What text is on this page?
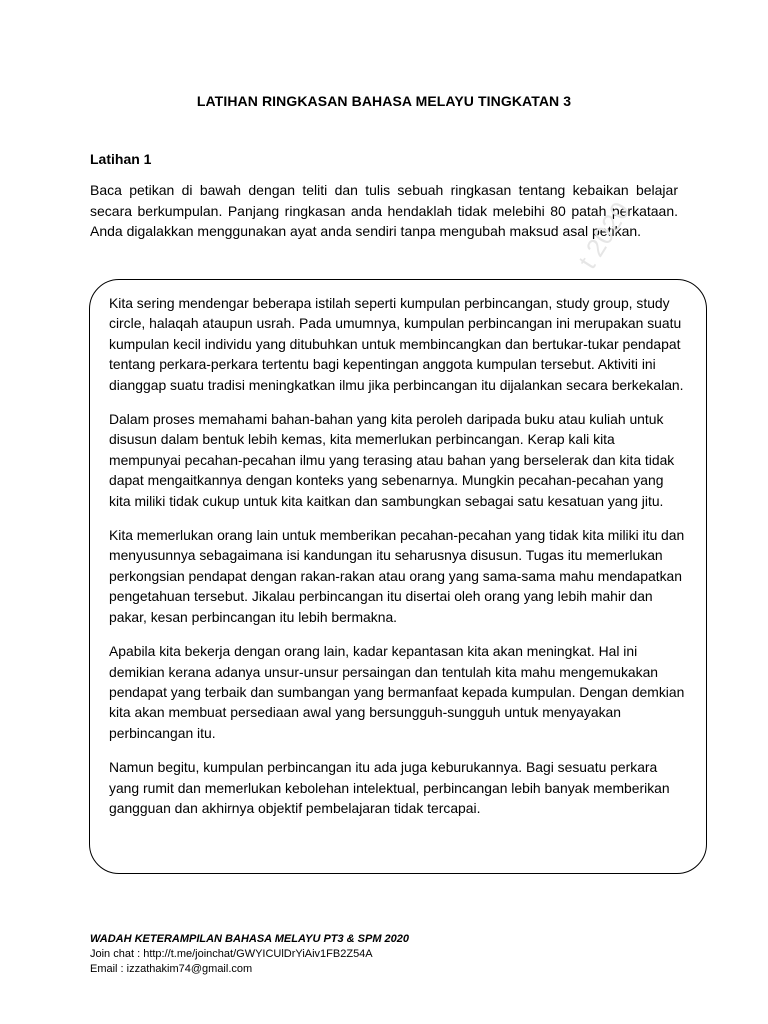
LATIHAN RINGKASAN BAHASA MELAYU TINGKATAN 3
Latihan 1
Baca petikan di bawah dengan teliti dan tulis sebuah ringkasan tentang kebaikan belajar secara berkumpulan. Panjang ringkasan anda hendaklah tidak melebihi 80 patah perkataan. Anda digalakkan menggunakan ayat anda sendiri tanpa mengubah maksud asal petikan.
t 2020

Kita sering mendengar beberapa istilah seperti kumpulan perbincangan, study group, study circle, halaqah ataupun usrah. Pada umumnya, kumpulan perbincangan ini merupakan suatu kumpulan kecil individu yang ditubuhkan untuk membincangkan dan bertukar-tukar pendapat tentang perkara-perkara tertentu bagi kepentingan anggota kumpulan tersebut. Aktiviti ini dianggap suatu tradisi meningkatkan ilmu jika perbincangan itu dijalankan secara berkekalan.

Dalam proses memahami bahan-bahan yang kita peroleh daripada buku atau kuliah untuk disusun dalam bentuk lebih kemas, kita memerlukan perbincangan. Kerap kali kita mempunyai pecahan-pecahan ilmu yang terasing atau bahan yang berselerak dan kita tidak dapat mengaitkannya dengan konteks yang sebenarnya. Mungkin pecahan-pecahan yang kita miliki tidak cukup untuk kita kaitkan dan sambungkan sebagai satu kesatuan yang jitu.

Kita memerlukan orang lain untuk memberikan pecahan-pecahan yang tidak kita miliki itu dan menyusunnya sebagaimana isi kandungan itu seharusnya disusun. Tugas itu memerlukan perkongsian pendapat dengan rakan-rakan atau orang yang sama-sama mahu mendapatkan pengetahuan tersebut. Jikalau perbincangan itu disertai oleh orang yang lebih mahir dan pakar, kesan perbincangan itu lebih bermakna.

Apabila kita bekerja dengan orang lain, kadar kepantasan kita akan meningkat. Hal ini demikian kerana adanya unsur-unsur persaingan dan tentulah kita mahu mengemukakan pendapat yang terbaik dan sumbangan yang bermanfaat kepada kumpulan. Dengan demkian kita akan membuat persediaan awal yang bersungguh-sungguh untuk menyayakan perbincangan itu.

Namun begitu, kumpulan perbincangan itu ada juga keburukannya. Bagi sesuatu perkara yang rumit dan memerlukan kebolehan intelektual, perbincangan lebih banyak memberikan gangguan dan akhirnya objektif pembelajaran tidak tercapai.

WADAH KETERAMPILAN BAHASA MELAYU PT3 & SPM 2020
Join chat : http://t.me/joinchat/GWYICUlDrYiAiv1FB2Z54A
Email : izzathakim74@gmail.com
